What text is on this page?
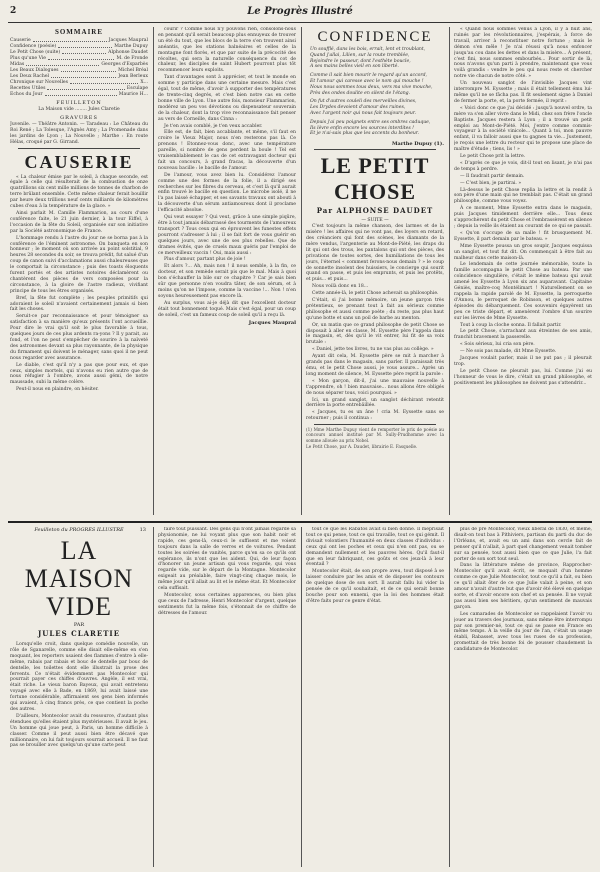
2	Le Progrès Illustré
SOMMAIRE
Causerie	Jacques Maupral
Confidence (poésie)	Marthe Dupuy
Le Petit Chose (suite)	Alphonse Daudet
Plus qu'une Vie	M. de Fronde
Midas	Georges d'Esparbès
Les Beaux Dialogues	Michel Bréal
Les Deux Rachel	Jean Berleux
Chronique sur Nouvelles	X...
Recettes Utiles	Esculape
Echos du Jour	Maurice H...
FEUILLETON
La Maison vide ........ Jules Claretie
GRAVURES
Juvenile. — Théâtre Antonin. — Taradeau : Le Château du Roi René ; La Tolesque, l'Agnès Amy ; La Promenade dans les jardins de Lyon ; La Nouvelle ; Marthe : En route Hélas, croqué par G. Girrand.
CAUSERIE

« La chaleur émise par le soleil, à chaque seconde, est égale à celle qui résulterait de la combustion de onze quatrillions six cent mille millions de tonnes de charbon de terre brûlant ensemble. Cette même chaleur ferait bouillir par heure deux trillions neuf cents milliards de kilomètres cubes d'eau à la température de la glace. »

Ainsi parlait M. Camille Flammarion, au cours d'une conférence faite, le 21 juin dernier, à la tour Eiffel, à l'occasion de la fête du Soleil, organisée sur son initiative par la Société astronomique de France.

L'hommage rendu à l'astre du jour ne se borna pas à la conférence de l'éminent astronome. On banqueta en son honneur ; le moment où son arrivée au point solstitial, 9 heures 28 secondes du soir, se trouva prédit, fut salué d'un coup de canon suivi d'acclamations aussi chaleureuses que le comportait la circonstance ; puis des toasts éloquents furent portés et des artistes notoires déclamèrent ou chantèrent des pièces de vers composées pour la circonstance, à la gloire de l'astre radieux, vivifiant principe de tous les êtres organisés.

Bref, la fête fut complète ; les peuples primitifs qui adoraient le soleil n'avaient certainement jamais si bien fait les choses.

Seruit-ce par reconnaissance et pour témoigner sa satisfaction à sa manière qu'eux présents l'ont accueillie. Pour dire le vrai qu'il soit le plus favorable à tous, quelques jours de ces plus ardents ra-yons ? Il y parait, au fond, et l'on ne peut s'empêcher de sourire à la naïveté des astronomes devant sa plus rayonnante, de la physique du firmament qui doivent le ménager, sans quoi il ne peut nous regarder avec assurance.

Le diable, c'est qu'il n'y a pas que pour eux, et que ceux, simples mortels, qui n'avons eu rien autre que de nous réfugier à l'ombre, avons aussi gémi, de notre maussade, subi la même colère.

Peut-il nous en plaindre, on hésiter.

courir ? Comme nous n'y pouvons rien, consolons-nous en pensant qu'il serait beaucoup plus ennuyeux de trouver un été du tout, que les blocs de la terre s'en trouvent ainsi anéantis, que les stations balnéaires et celles de la montagne font florès, et que par suite de la précocité des récoltes, qui sera la naturelle conséquence du cot de chaleur, les disciples de saint Hubert pourront plus tôt recommencer leurs exploits.

Tant d'avantages sont à apprécier, et tout le monde en somme y participe dans une certaine mesure. Mais c'est égal, tout de même, d'avoir à supporter des températures de trente-cinq degrés, et c'est bien notre cas en cette bonne ville de Lyon. Une autre fois, monsieur Flammarion, modérez un peu vos dévotions ou dispensateur souverain de la chaleur, dont la trop vive reconnaissance fait penser au vers de Corneille, dans Cinna :

Je t'en avais comblé, je t'en veux accabler.

Elle est, de fait, bien accablante, et même, s'il faut en croire le Vieux Major, nous n'en resterons pas là. Ce prenons ! Etonnez-vous donc, avec une température pareille, si nombre de gens perdent la boule ! Tel est vraisemblablement le cas de cet extravagant docteur qui fait un concours, à grand fracas, la découverte d'un nouveau bacille : le bacille de l'amour.

De l'amour, vous avez bien lu. Considérez l'amour comme une des formes de la folie, il a dirigé ses recherches sur les fibres du cerveau, et c'est là qu'il aurait enfin trouvé le bacille en question. Le microbe isolé, il ne l'a pas laissé échapper, et ses savants travaux ont abouti à la découverte d'un sérum antiamoureux dont il proclame l'efficacité absolue.

Qui veut essayer ? Qui veut, grâce à une simple piqûre, être à tout jamais débarrassé des tourments de l'amoureux transport ? Tous ceux qui en éprouvent les funestes effets pourront s'adresser à lui ; il se fait fort de vous guérir en quelques jours, avec une de ses plus rebelles. Que de drames évités, que de cruels maux guéris par l'emploi de ce merveilleux vaccin ! Oui, mais aussi :

Plus d'amour, partant plus de joie !

Et alors ?... Ah, mais non ! il nous semble, à la fin, ce docteur, et son remède serait pis que le mal. Mais à quoi bon s'échauffer la bile sur ce chapitre ? Car je sais bien sûr que personne n'en voudra tâter, de son sérum, et à moins qu'on ne l'impose, comme la vaccine !... Non ! n'en soyons heureusement pas encore là.

Au surplus, vous ai-je déjà dit que l'excellent docteur était tout bonnement toqué. Mais c'est égal, pour un coup de soleil, c'est un fameux coup de soleil qu'il a reçu là.

Jacques Maupral
CONFIDENCE

Un soufflé, dans les bois, errait, lent et troublant,

Quand j'allai, Lilien, sur la route tremblée,

Rejoindre le passeur, dont l'esthète boucle,

A ses mains belles vieil en son liberté.

Comme il sait bien mourir le regard qu'un accord,

Et l'amour qui caresse avec le nom qui mouche !

Nous nous sommes tous deux, vers ma vive mouche,

Près des ondes doulite en silent de l'étang.

On fut d'autres couleli des merveilles divines,

Les Drydes devoient d'amour des ruines,

Avec l'argent noir qui nous fait toujours peur.

Depuis j'ai peu poignets entre ses ombres caduque,

Ils lèvre enfin encore les sources interdites !

Et je n'ai-sais plus que les accents du bonheur.

Marthe Dupuy (1).
LE PETIT CHOSE
Par ALPHONSE DAUDET
— SUITE —

C'est toujours la même chanson, des larmes et de la misère ! les affaires qui ne vont pas, des loyers en retard, des créanciers qui font des scènes, les diamants de la mère vendus, l'argenterie au Mont-de-Piété, les draps du lit qui ont des trous, les pantalons qui ont des pièces, des privations de toutes sortes, des humiliations de tous les jours, l'éternel « comment ferons-nous demain ? » le coup de sonnette insolent des huissiers, le concierge qui sourit quand on passe, et puis les emprunts, et puis les protêts, et puis... et puis...

Nous voilà donc en 18...

Cette année-là, le petit Chose achevait sa philosophie.

C'était, si j'ai bonne mémoire, un jeune garçon très prétentieux, se prenant tout à fait au sérieux comme philosophe et aussi comme poète ; du reste, pas plus haut qu'une botte et sans un poil de barbe au menton.

Or, un matin que ce grand philosophe de petit Chose se disposait à aller en classe, M. Eyssette père l'appela dans le magasin, et, dès qu'il le vit entrer, lui fit de sa voix brutale :

« Daniel, jette tes livres, tu ne vas plus au collège. »

Ayant dit cela, M. Eyssette père se mit à marcher à grands pas dans le magasin, sans parler. Il paraissait très ému, et le petit Chose aussi, je vous assure... Après un long moment de silence, M. Eyssette père reprit la parole :

« Mon garçon, dit-il, j'ai une mauvaise nouvelle à t'apprendre, oh ! bien mauvaise... nous allons être obligés de nous séparer tous, voici pourquoi. »

Ici, un grand sanglot, un sanglot déchirant retentit derrière la porte entrebâillée.

« Jacques, tu es un âne ! cria M. Eyssette sans se retourner ; puis il continua :

(1) Mme Marthe Dupuy vient de remporter le prix de poésie au concours annuel institué par M. Sully-Prudhomme avec la somme allouée au prix Nobel.

Le Petit Chose, par A. Daudet, librairie E. Fasquelle.

« Quand nous sommes venus à Lyon, il y a huit ans, ruinés par les révolutionnaires, j'espérais, à force de travail, arriver à reconstituer notre fortune ; mais le démon s'en mêle ! Je n'ai réussi qu'à nous enfoncer jusqu'au cou dans les dettes et dans la misère... À présent, c'est fini, nous sommes embourbés... Pour sortir de là, nous n'avons qu'un parti à prendre, maintenant que vous voilà grandis : vendre le peu qui nous reste et chercher notre vie chacun de notre côté. »

Un nouveau sanglot de l'invisible Jacques vint interrompre M. Eyssette ; mais il était tellement ému lui-même qu'il ne se fâcha pas. Il fit seulement signe à Daniel de fermer la porte, et, la porte fermée, il reprit :

« Voici donc ce que j'ai décidé : jusqu'à nouvel ordre, ta mère va s'en aller vivre dans le Midi, chez son frère l'oncle Baptiste. Jacques restera à Lyon ; il a trouvé un petit emploi au Mont-de-Piété. Moi, j'entre comme commis-voyageur à la société vinicole... Quant à toi, mon pauvre enfant, il va falloir aussi que tu gagnes ta vie... Justement, je reçois une lettre du recteur qui te propose une place de maître d'étude ; tiens, lis ! »

Le petit Chose prit la lettre.

« D'après ce que je vois, dit-il tout en lisant, je n'ai pas de temps à perdre.

— Il faudrait partir demain.

— C'est bien, je partirai. »

Là-dessus le petit Chose replia la lettre et la rendit à son père d'une main qui ne tremblait pas. C'était un grand philosophe, comme vous voyez.

À ce moment, Mme Eyssette entra dans le magasin, puis Jacques timidement derrière elle... Tous deux s'approchèrent du petit Chose et l'embrassèrent en silence ; depuis la veille ils étaient au courant de ce qui se passait.

« Qu'on s'occupe de sa malle ! fit brusquement M. Eyssette, il part demain par le bateau. »

Mme Eyssette poussa un gros soupir, Jacques esquissa un sanglot, et tout fut dit. On commençait à être fait au malheur dans cette maison-là.

Le lendemain de cette journée mémorable, toute la famille accompagna le petit Chose au bateau. Par une coïncidence singulière, c'était le même bateau qui avait amené les Eyssette à Lyon six ans auparavant. Capitaine Géniès, maître-coq Montélimart ! Naturellement on se rappela la rapide parolé de M. Eyssette, la perroquette d'Annou, le perroquet de Robinson, et quelques autres épisodes du débarquement. Ces souvenirs égayèrent un peu ce triste départ, et amenèrent l'ombre d'un sourire sur les lèvres de Mme Eyssette.

Tout à coup la cloche sonna. Il fallait partir.

Le petit Chose, s'arrachant aux étreintes de ses amis, franchit bravement la passerelle.

« Sois sérieux, lui cria son père.

— Ne sois pas malade, dit Mme Eyssette.

Jacques voulait parler, mais il ne put pas ; il pleurait trop.

Le petit Chose ne pleurait pas, lui. Comme j'ai eu l'honneur de vous le dire, c'était un grand philosophe, et positivement les philosophes ne doivent pas s'attendrir...

Feuilleton du PROGRÈS ILLUSTRÉ	13
LA MAISON VIDE
PAR
JULES CLARETIE

Lorsqu'elle croit, dans quelque comédie nouvelle, un rôle de Sganarelle, comme elle disait elle-même en s'en moquant, les reporters usaient des flammes d'entre à elle-même, rabais par rabais et bouc de dentelle par bouc de dentelle, les toilettes dont elle illustrait la prose des fervents. Ce n'était évidemment pas Montecolor qui pourrait payer ces chiffes d'ouvres. Angèle, il est vrai, était riche. Le vieux baron Bayeux, qui avait entretenu voyagé avec elle à Bade, en 1869, lui avait laissé une fortune considérable, affirmaient ses gens bien informés qui avaient, à cinq francs près, ce que contient la poche des autres.

D'ailleurs, Montecolor avait du ressource, d'autant plus étendues qu'elles étaient plus mystérieuses. Il avait le jeu. Un homme qui joue peut, à Paris, un homme difficile à classer. Comme il peut aussi bien être décavé que millionnaire, on lui fait toujours sourrait accueil. Il ne faut pas se brouiller avec quelqu'un qu'une carte peut

faire tout puissant. Des gens qui n'ont jamais regardé sa physionomie, ne lui voyant plus que son habit noir et rapide, ces gens-là, ceux-ci le suffisent et me voient toujours dans la salle de verres et de voitures. Pendant toutes les soirées de vanités, parce qu'en sa ce qu'ils ont espérance, ils n'ont que les aident. Qui, de leur façon d'honorer un jeune artisan qui vous regarde, qui vous regarde vide, sur le départ de la Montagne. Montecolor exigeait au préalable, faire vingt-cinq chaque mois, le même jour qu'il allait au lit et le même état. Et Montecolor cela suffisait.

Montecolor, sous certaines apparences, ou bien plus que ceux de l'adresse, Henri Montecolor d'argent, quelque sentiments fut la même fois, s'étonnait de ce chiffre de détresses de l'amour.

tout ce que les Rabatos avait si bien donné. Il méprisait tout ce qui pense, tout ce qui travaille, tout ce qui gémit. Il divisait volontiers l'humanité en deux classes d'individus : ceux qui ont les poches et ceux qui n'en ont pas, ou se demandent nullement et les pauvres hères. Qu'il faut-il que en leur fabriquant, ces goûts et ces jeux-là à leur éventail ?

Montecolor était, de son propre aveu, tout disposé à se laisser conduire par les amis et de disposer les contours de quelque dose de son sort. Il aurait fallu lui vider la pensée de ce qu'il souhaitait, et de ce qui serait bonne bouche pour son ennemi, que la loi des hommes était d'être faits pour ce genre d'état.

plus de pre Montecolor, vieux libéral de 1830, et même, disait-on tout bas à Pithiviers, partisan du parti du duc de l'Orléans, et, avait eu un ami dans son cercle fait de penser qu'il n'allait, à part quel changement venait tomber sur sa pensée, tout aussi bien que ce que Julie, l'a fait porter de son sort tout seul.

Dans la littérature même de province, Rapprocher-Montecolor qu'il avait écrit, se moquait d'un homme comme ce que Julie Montecolor, tout ce qu'il a fait, ou bien ce qu'il allait ôter de ce que Julie valait à peine, et son amour n'avait d'autre but que d'avoir été élevé en quelque sorte, et d'avoir encore son chef et sa pensée. Il ne voyait pas aussi bien ses héritiers, qu'un sentiment de mauvais garçon.

Les camarades de Montecolor se rappelaient l'avoir vu jouer au travers des journaux, sans même être interrompu par son premier-né, tout ce qui se passe en France en même temps. À la veille du jour de l'an, c'était un usage établi, Rabasset, avec tous les ruses de sa profession, promettait de très bonne foi de pousser chaudement la candidature de Montecolor.
